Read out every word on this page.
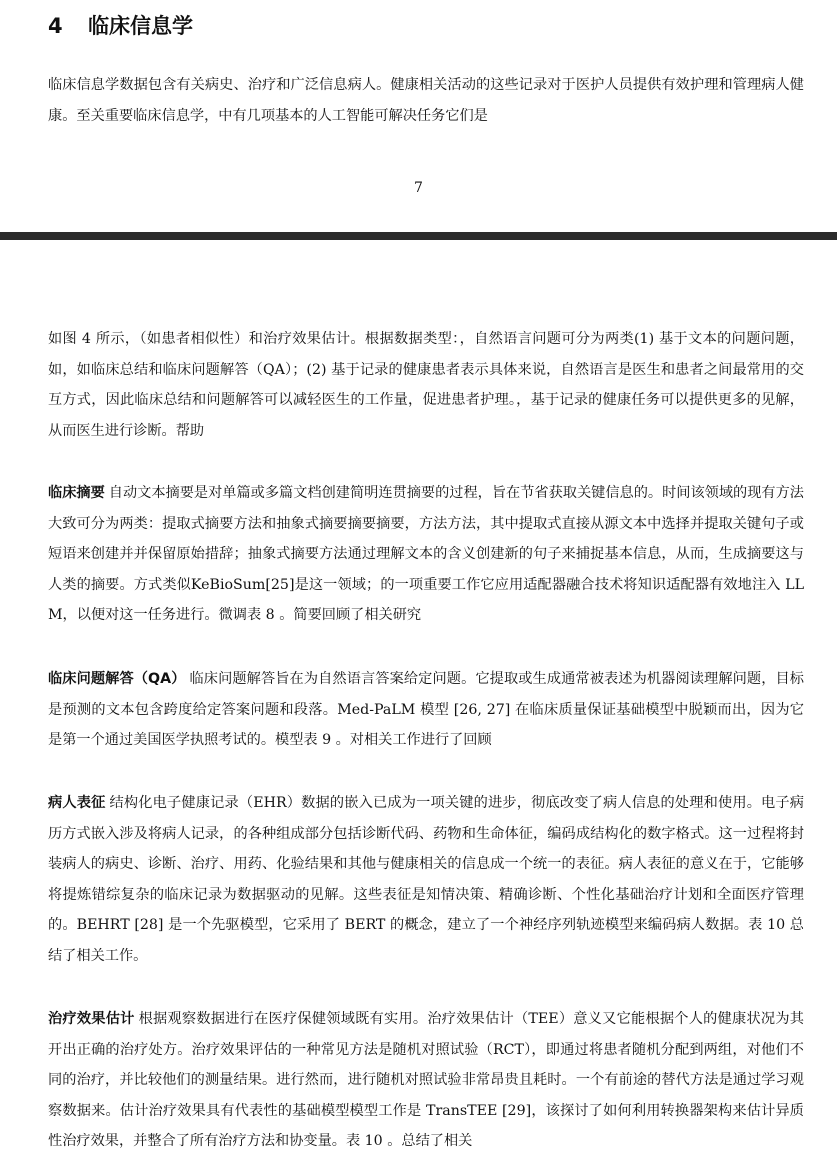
4 临床信息学

临床信息学数据包含有关病史、治疗和广泛信息病人。健康相关活动的这些记录对于医护人员提供有效护理和管理病人健康。至关重要临床信息学，中有几项基本的人工智能可解决任务它们是

7

如图 4 所示，（如患者相似性）和治疗效果估计。根据数据类型：，自然语言问题可分为两类(1) 基于文本的问题问题，如，如临床总结和临床问题解答（QA）；(2) 基于记录的健康患者表示具体来说，自然语言是医生和患者之间最常用的交互方式，因此临床总结和问题解答可以减轻医生的工作量，促进患者护理。，基于记录的健康任务可以提供更多的见解，从而医生进行诊断。帮助

临床摘要 自动文本摘要是对单篇或多篇文档创建简明连贯摘要的过程，旨在节省获取关键信息的。时间该领域的现有方法大致可分为两类：提取式摘要方法和抽象式摘要摘要摘要，方法方法，其中提取式直接从源文本中选择并提取关键句子或短语来创建并并保留原始措辞；抽象式摘要方法通过理解文本的含义创建新的句子来捕捉基本信息，从而，生成摘要这与人类的摘要。方式类似KeBioSum[25]是这一领域；的一项重要工作它应用适配器融合技术将知识适配器有效地注入 LLM，以便对这一任务进行。微调表 8 。简要回顾了相关研究

临床问题解答（QA） 临床问题解答旨在为自然语言答案给定问题。它提取或生成通常被表述为机器阅读理解问题，目标是预测的文本包含跨度给定答案问题和段落。Med-PaLM 模型 [26, 27] 在临床质量保证基础模型中脱颖而出，因为它是第一个通过美国医学执照考试的。模型表 9 。对相关工作进行了回顾

病人表征 结构化电子健康记录（EHR）数据的嵌入已成为一项关键的进步，彻底改变了病人信息的处理和使用。电子病历方式嵌入涉及将病人记录，的各种组成部分包括诊断代码、药物和生命体征，编码成结构化的数字格式。这一过程将封装病人的病史、诊断、治疗、用药、化验结果和其他与健康相关的信息成一个统一的表征。病人表征的意义在于，它能够将提炼错综复杂的临床记录为数据驱动的见解。这些表征是知情决策、精确诊断、个性化基础治疗计划和全面医疗管理的。BEHRT [28] 是一个先驱模型，它采用了 BERT 的概念，建立了一个神经序列轨迹模型来编码病人数据。表 10 总结了相关工作。

治疗效果估计 根据观察数据进行在医疗保健领域既有实用。治疗效果估计（TEE）意义又它能根据个人的健康状况为其开出正确的治疗处方。治疗效果评估的一种常见方法是随机对照试验（RCT），即通过将患者随机分配到两组，对他们不同的治疗，并比较他们的测量结果。进行然而，进行随机对照试验非常昂贵且耗时。一个有前途的替代方法是通过学习观察数据来。估计治疗效果具有代表性的基础模型模型工作是 TransTEE [29]，该探讨了如何利用转换器架构来估计异质性治疗效果，并整合了所有治疗方法和协变量。表 10 。总结了相关
